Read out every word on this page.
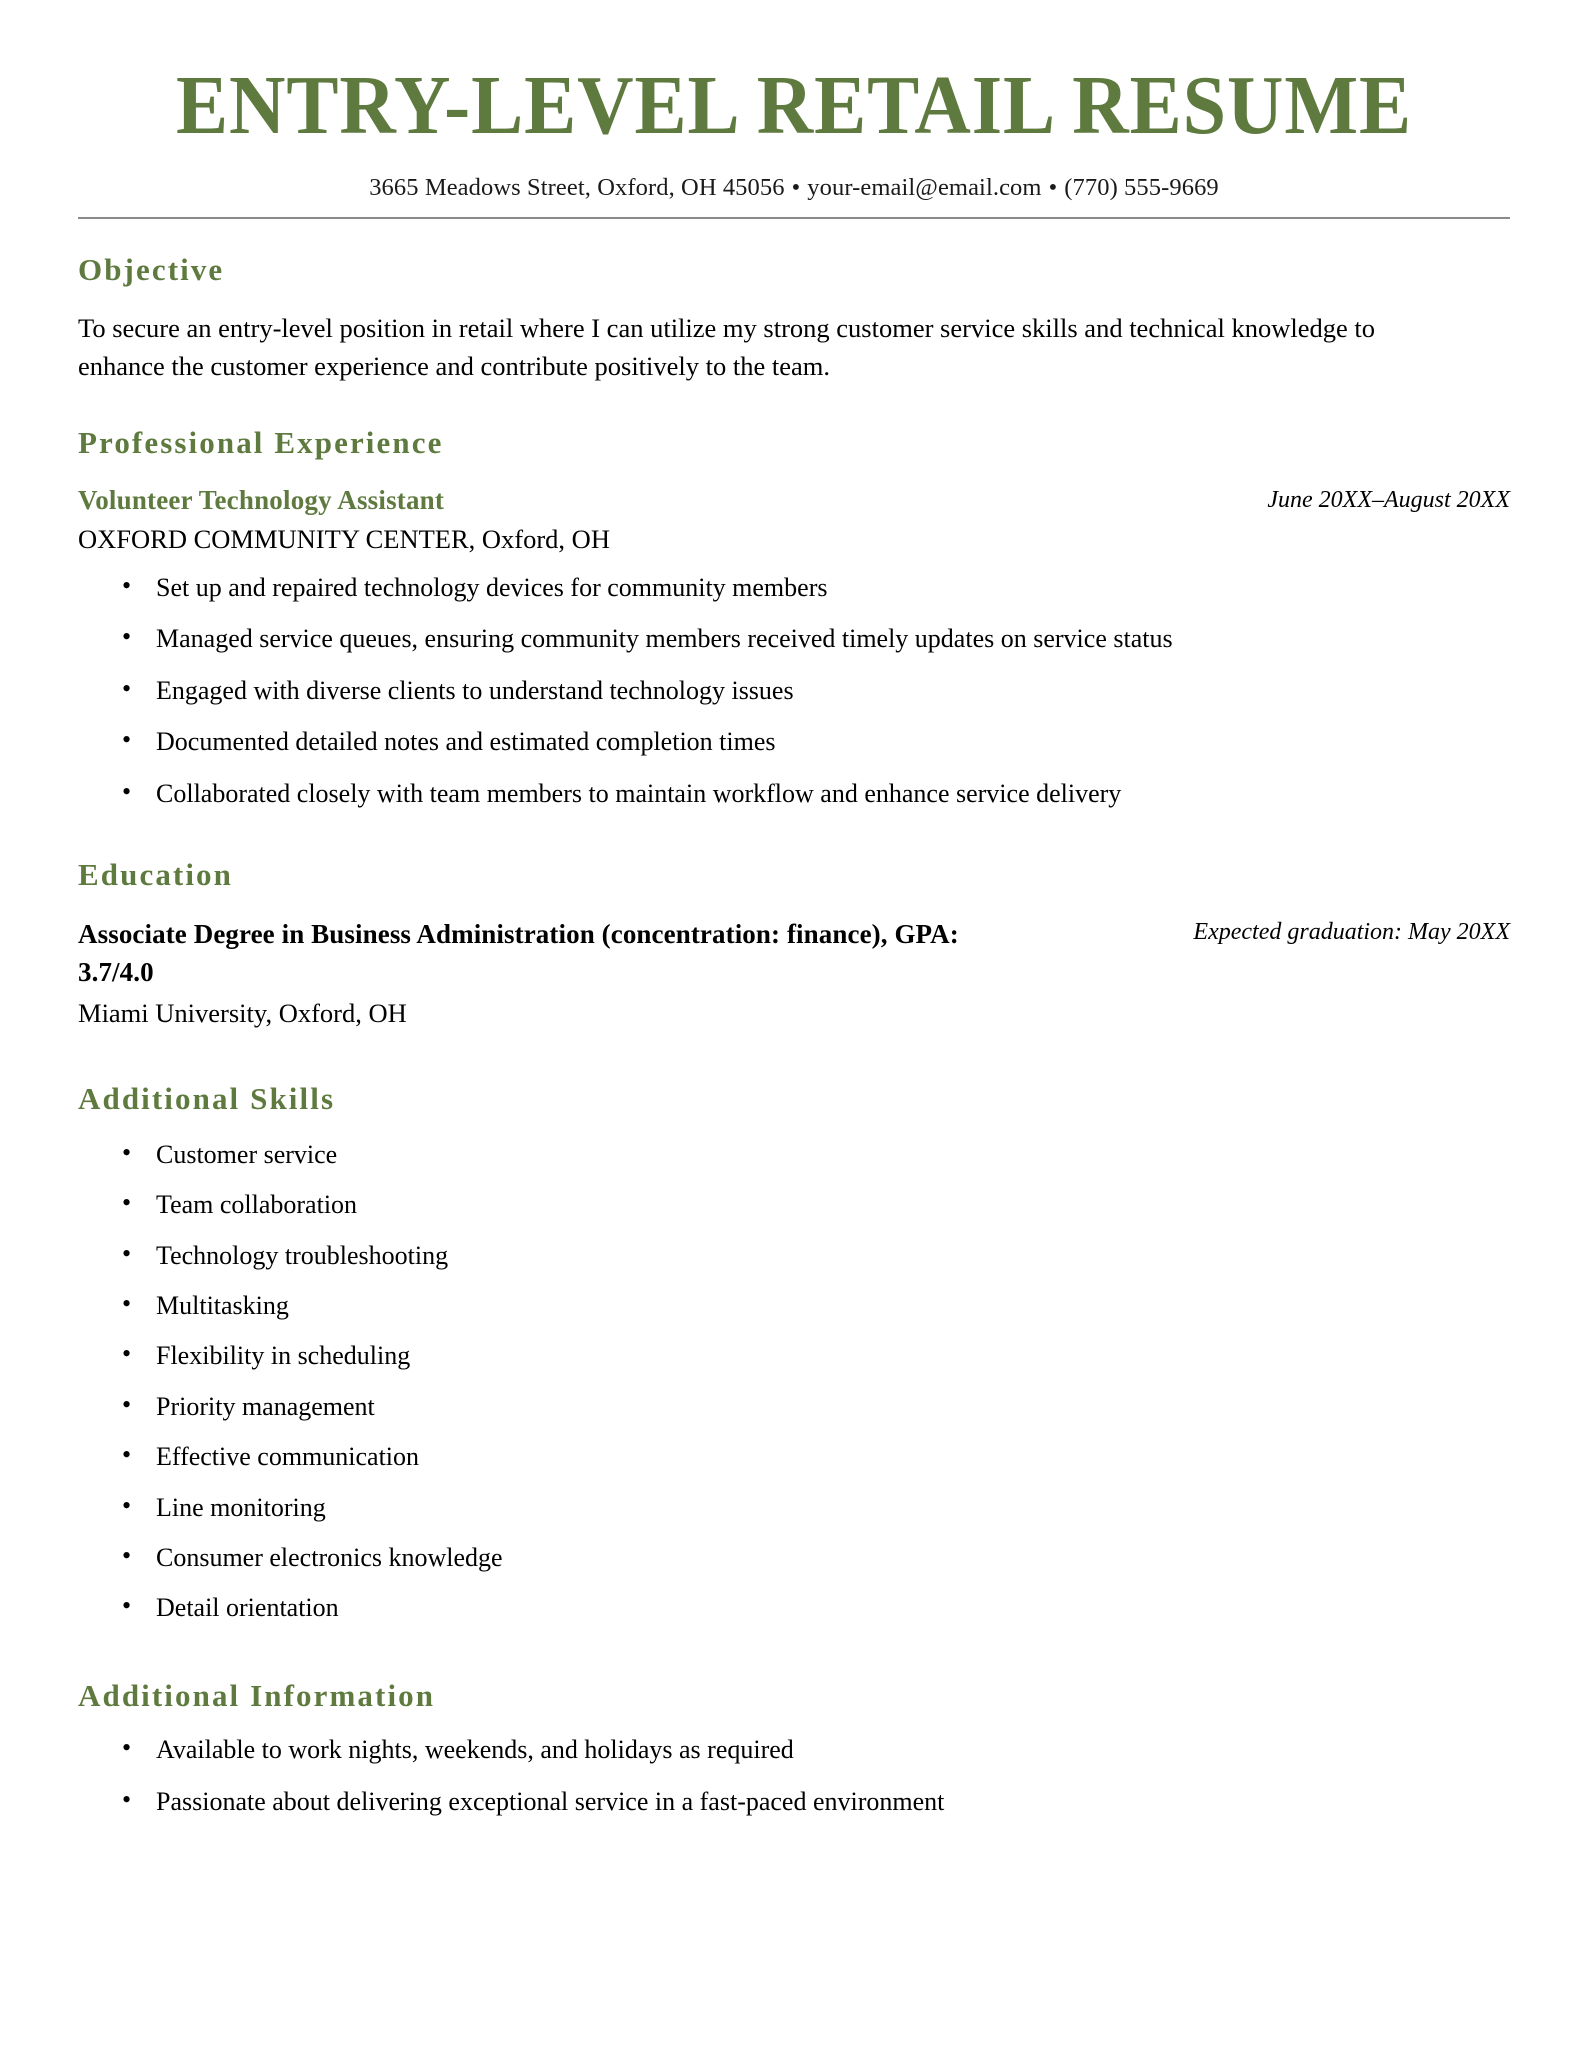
ENTRY-LEVEL RETAIL RESUME
3665 Meadows Street, Oxford, OH 45056 • your-email@email.com • (770) 555-9669
Objective

To secure an entry-level position in retail where I can utilize my strong customer service skills and technical knowledge to enhance the customer experience and contribute positively to the team.

Professional Experience
Volunteer Technology Assistant	June 20XX–August 20XX
OXFORD COMMUNITY CENTER, Oxford, OH
• Set up and repaired technology devices for community members
• Managed service queues, ensuring community members received timely updates on service status
• Engaged with diverse clients to understand technology issues
• Documented detailed notes and estimated completion times
• Collaborated closely with team members to maintain workflow and enhance service delivery
Education
Associate Degree in Business Administration (concentration: finance), GPA: 3.7/4.0
Expected graduation: May 20XX
Miami University, Oxford, OH
Additional Skills
• Customer service
• Team collaboration
• Technology troubleshooting
• Multitasking
• Flexibility in scheduling
• Priority management
• Effective communication
• Line monitoring
• Consumer electronics knowledge
• Detail orientation
Additional Information
• Available to work nights, weekends, and holidays as required
• Passionate about delivering exceptional service in a fast-paced environment
